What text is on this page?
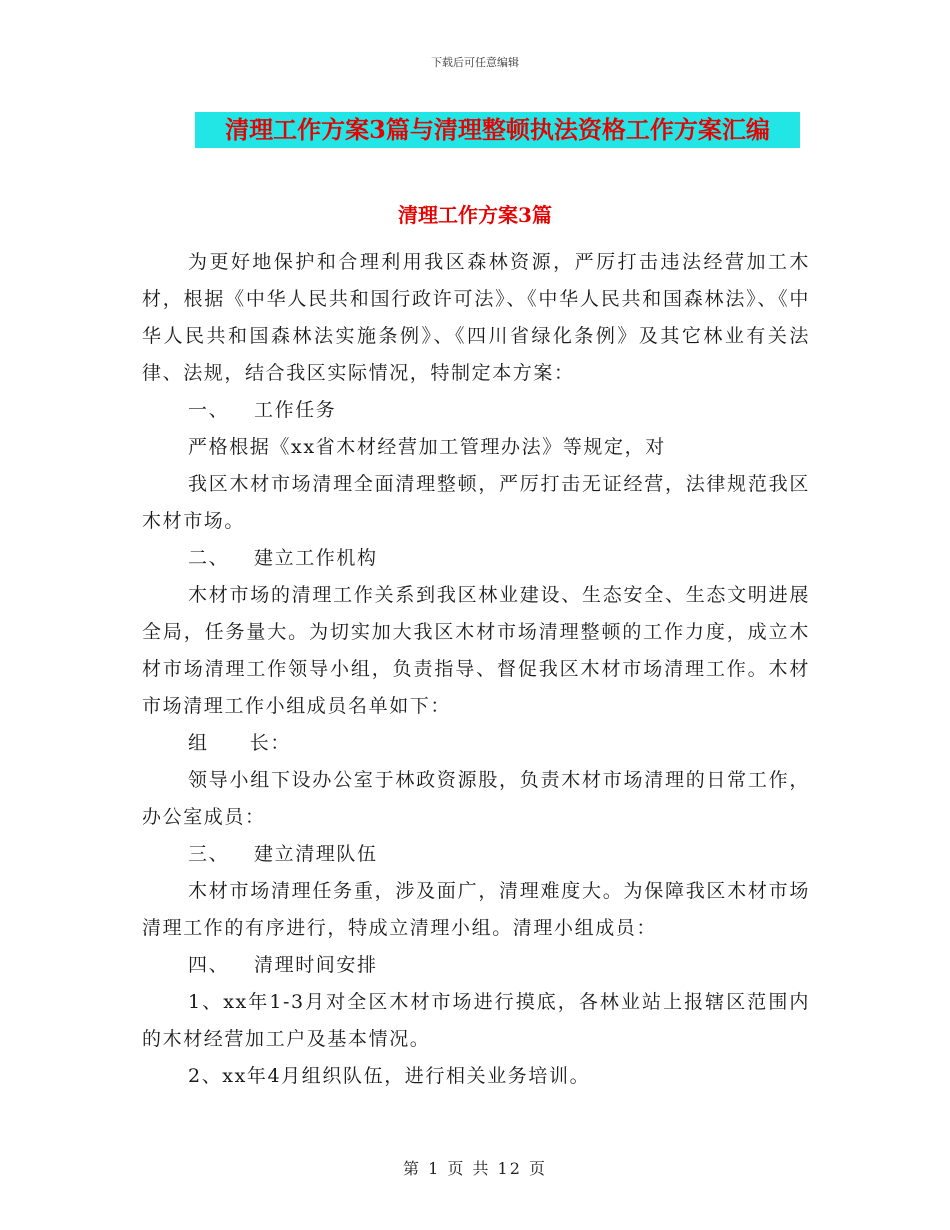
下载后可任意编辑
清理工作方案3篇与清理整顿执法资格工作方案汇编
清理工作方案3篇

为更好地保护和合理利用我区森林资源，严厉打击违法经营加工木材，根据《中华人民共和国行政许可法》、《中华人民共和国森林法》、《中华人民共和国森林法实施条例》、《四川省绿化条例》及其它林业有关法律、法规，结合我区实际情况，特制定本方案：

一、 工作任务

严格根据《xx省木材经营加工管理办法》等规定，对

我区木材市场清理全面清理整顿，严厉打击无证经营，法律规范我区木材市场。

二、 建立工作机构

木材市场的清理工作关系到我区林业建设、生态安全、生态文明进展全局，任务量大。为切实加大我区木材市场清理整顿的工作力度，成立木材市场清理工作领导小组，负责指导、督促我区木材市场清理工作。木材市场清理工作小组成员名单如下：

组　　长：

领导小组下设办公室于林政资源股，负责木材市场清理的日常工作，办公室成员：

三、 建立清理队伍

木材市场清理任务重，涉及面广，清理难度大。为保障我区木材市场清理工作的有序进行，特成立清理小组。清理小组成员：

四、 清理时间安排

1、xx年1-3月对全区木材市场进行摸底，各林业站上报辖区范围内的木材经营加工户及基本情况。

2、xx年4月组织队伍，进行相关业务培训。

第 1 页 共 12 页
